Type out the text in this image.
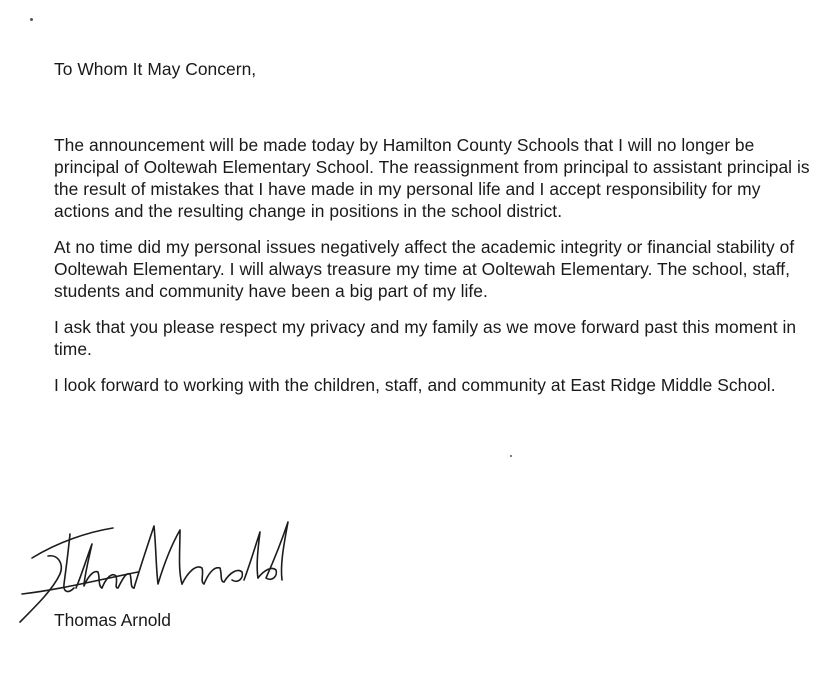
To Whom It May Concern,

The announcement will be made today by Hamilton County Schools that I will no longer be principal of Ooltewah Elementary School. The reassignment from principal to assistant principal is the result of mistakes that I have made in my personal life and I accept responsibility for my actions and the resulting change in positions in the school district.

At no time did my personal issues negatively affect the academic integrity or financial stability of Ooltewah Elementary. I will always treasure my time at Ooltewah Elementary. The school, staff, students and community have been a big part of my life.

I ask that you please respect my privacy and my family as we move forward past this moment in time.

I look forward to working with the children, staff, and community at East Ridge Middle School.

Thomas Arnold
